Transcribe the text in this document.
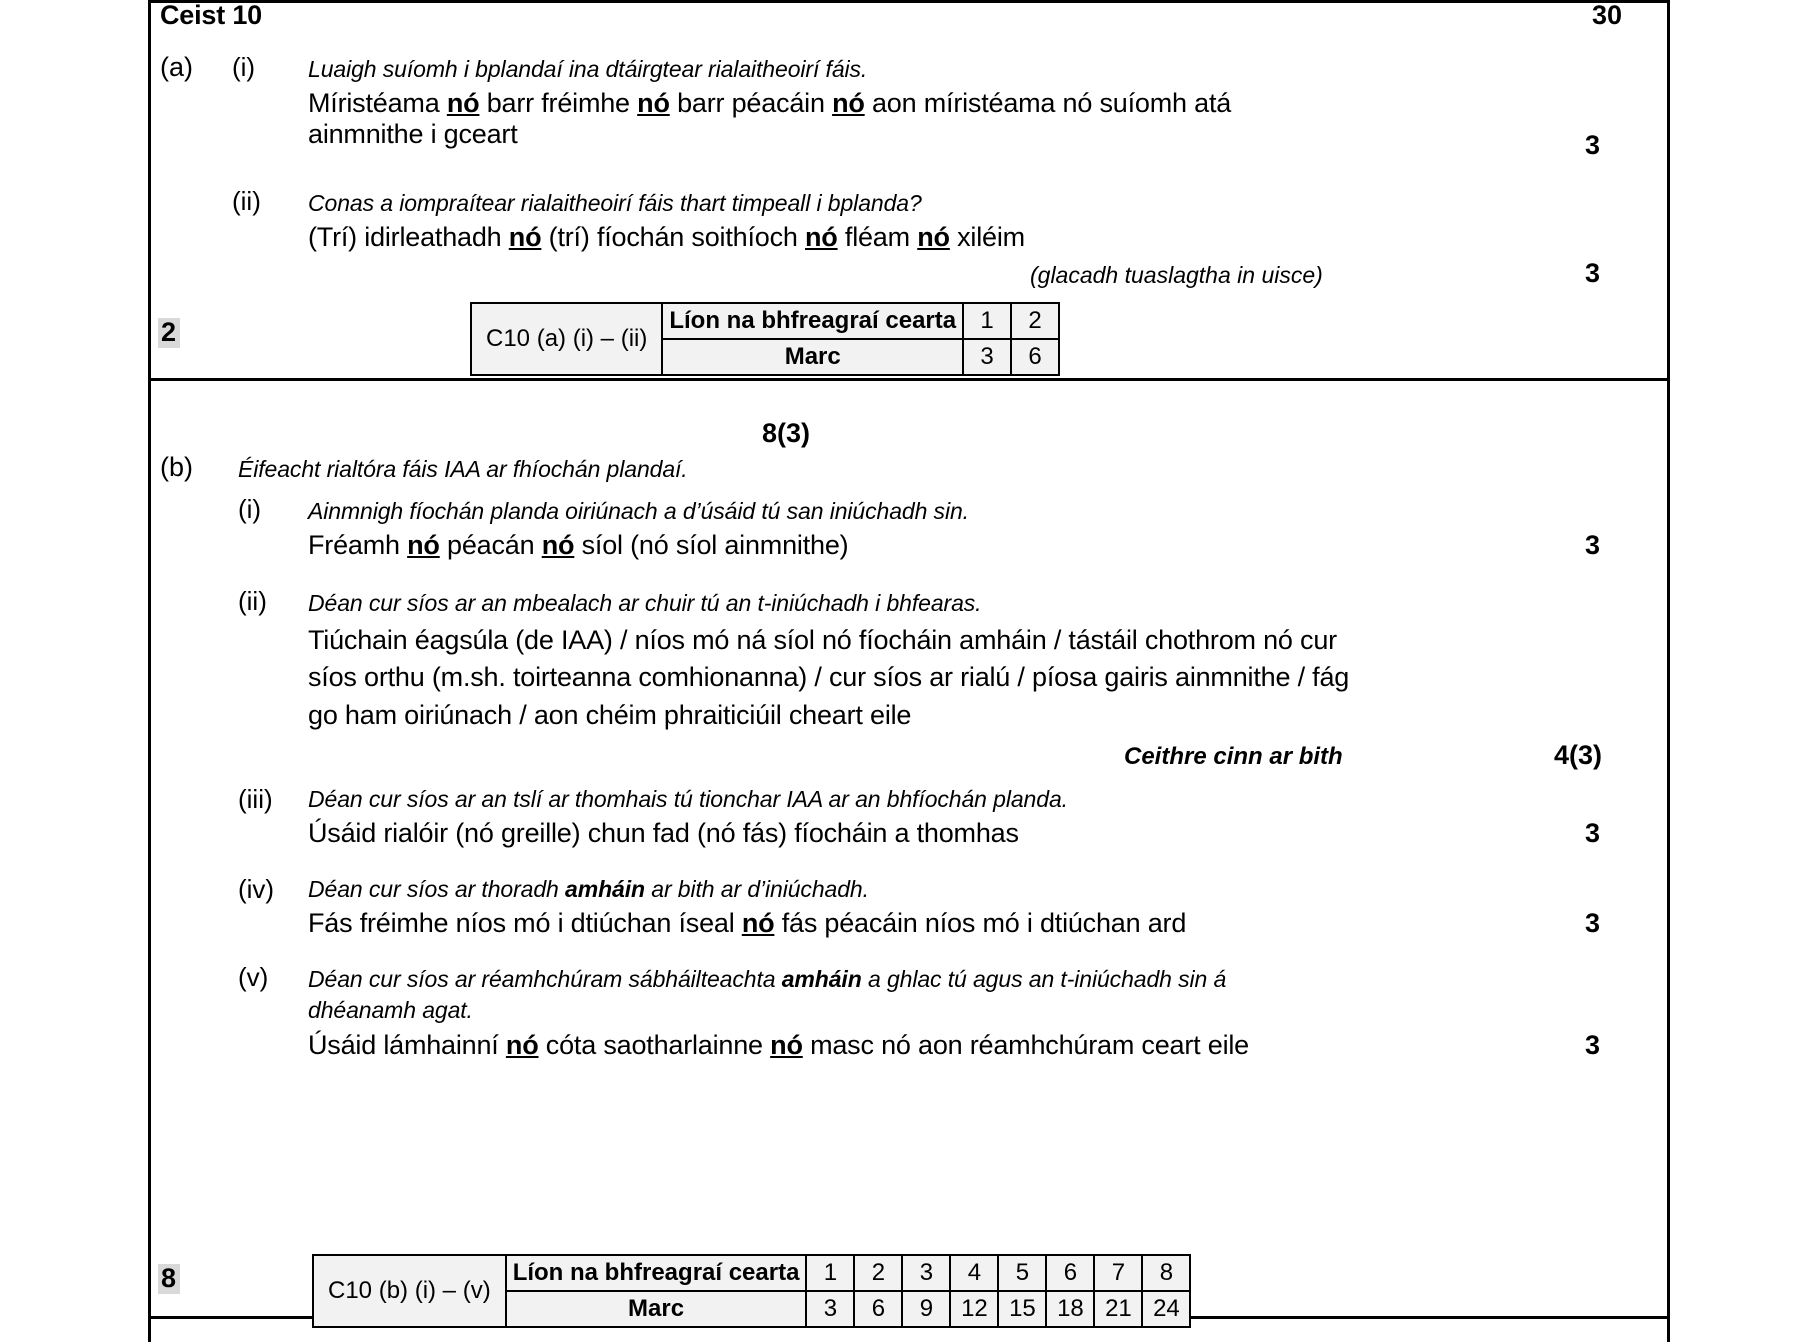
Ceist 10	30
(a) (i) Luaigh suíomh i bplandaí ina dtáirgtear rialaitheoirí fáis.
Míristéama nó barr fréimhe nó barr péacáin nó aon míristéama nó suíomh atá ainmnithe i gceart	3
(ii) Conas a iompraítear rialaitheoirí fáis thart timpeall i bplanda?
(Trí) idirleathadh nó (trí) fíochán soithíoch nó fléam nó xiléim
(glacadh tuaslagtha in uisce)	3
2	C10 (a) (i) – (ii)	Líon na bhfreagraí cearta	1	2
	Marc	3	6
8(3)
(b) Éifeacht rialtóra fáis IAA ar fhíochán plandaí.
(i) Ainmnigh fíochán planda oiriúnach a d’úsáid tú san iniúchadh sin.
Fréamh nó péacán nó síol (nó síol ainmnithe)	3
(ii) Déan cur síos ar an mbealach ar chuir tú an t-iniúchadh i bhfearas.
Tiúchain éagsúla (de IAA) / níos mó ná síol nó fíocháin amháin / tástáil chothrom nó cur síos orthu (m.sh. toirteanna comhionanna) / cur síos ar rialú / píosa gairis ainmnithe / fág go ham oiriúnach / aon chéim phraiticiúil cheart eile
Ceithre cinn ar bith	4(3)
(iii) Déan cur síos ar an tslí ar thomhais tú tionchar IAA ar an bhfíochán planda.
Úsáid rialóir (nó greille) chun fad (nó fás) fíocháin a thomhas	3
(iv) Déan cur síos ar thoradh amháin ar bith ar d’iniúchadh.
Fás fréimhe níos mó i dtiúchan íseal nó fás péacáin níos mó i dtiúchan ard	3
(v) Déan cur síos ar réamhchúram sábháilteachta amháin a ghlac tú agus an t-iniúchadh sin á dhéanamh agat.
Úsáid lámhainní nó cóta saotharlainne nó masc nó aon réamhchúram ceart eile	3
8	C10 (b) (i) – (v)	Líon na bhfreagraí cearta	1	2	3	4	5	6	7	8
	Marc	3	6	9	12	15	18	21	24
